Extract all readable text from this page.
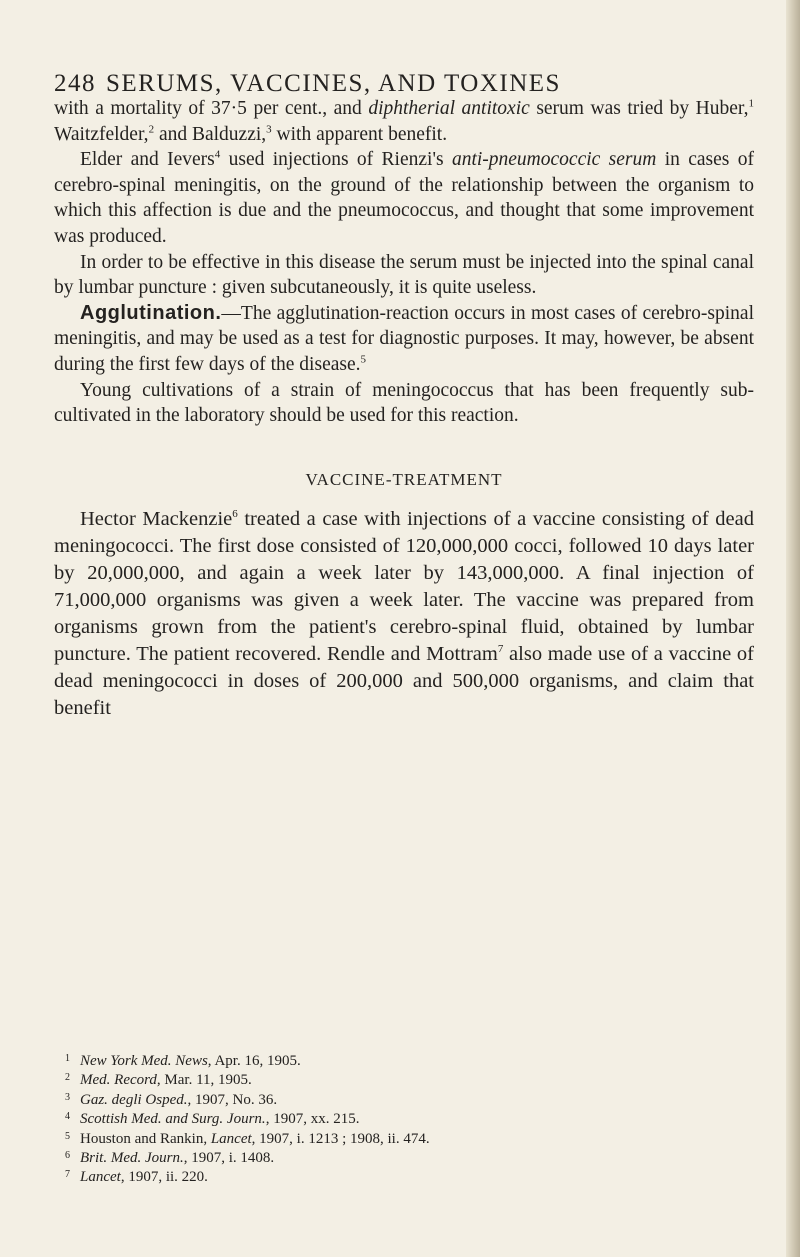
248 SERUMS, VACCINES, AND TOXINES

with a mortality of 37·5 per cent., and diphtherial antitoxic serum was tried by Huber,$^1$ Waitzfelder,$^2$ and Balduzzi,$^3$ with apparent benefit.

Elder and Ievers$^4$ used injections of Rienzi's anti-pneumococcic serum in cases of cerebro-spinal meningitis, on the ground of the relationship between the organism to which this affection is due and the pneumococcus, and thought that some improvement was produced.

In order to be effective in this disease the serum must be injected into the spinal canal by lumbar puncture : given subcutaneously, it is quite useless.

Agglutination.—The agglutination-reaction occurs in most cases of cerebro-spinal meningitis, and may be used as a test for diagnostic purposes. It may, however, be absent during the first few days of the disease.$^5$

Young cultivations of a strain of meningococcus that has been frequently sub-cultivated in the laboratory should be used for this reaction.

VACCINE-TREATMENT

Hector Mackenzie$^6$ treated a case with injections of a vaccine consisting of dead meningococci. The first dose consisted of 120,000,000 cocci, followed 10 days later by 20,000,000, and again a week later by 143,000,000. A final injection of 71,000,000 organisms was given a week later. The vaccine was prepared from organisms grown from the patient's cerebro-spinal fluid, obtained by lumbar puncture. The patient recovered. Rendle and Mottram$^7$ also made use of a vaccine of dead meningococci in doses of 200,000 and 500,000 organisms, and claim that benefit

1 New York Med. News, Apr. 16, 1905.
2 Med. Record, Mar. 11, 1905.
3 Gaz. degli Osped., 1907, No. 36.
4 Scottish Med. and Surg. Journ., 1907, xx. 215.
5 Houston and Rankin, Lancet, 1907, i. 1213 ; 1908, ii. 474.
6 Brit. Med. Journ., 1907, i. 1408.
7 Lancet, 1907, ii. 220.
